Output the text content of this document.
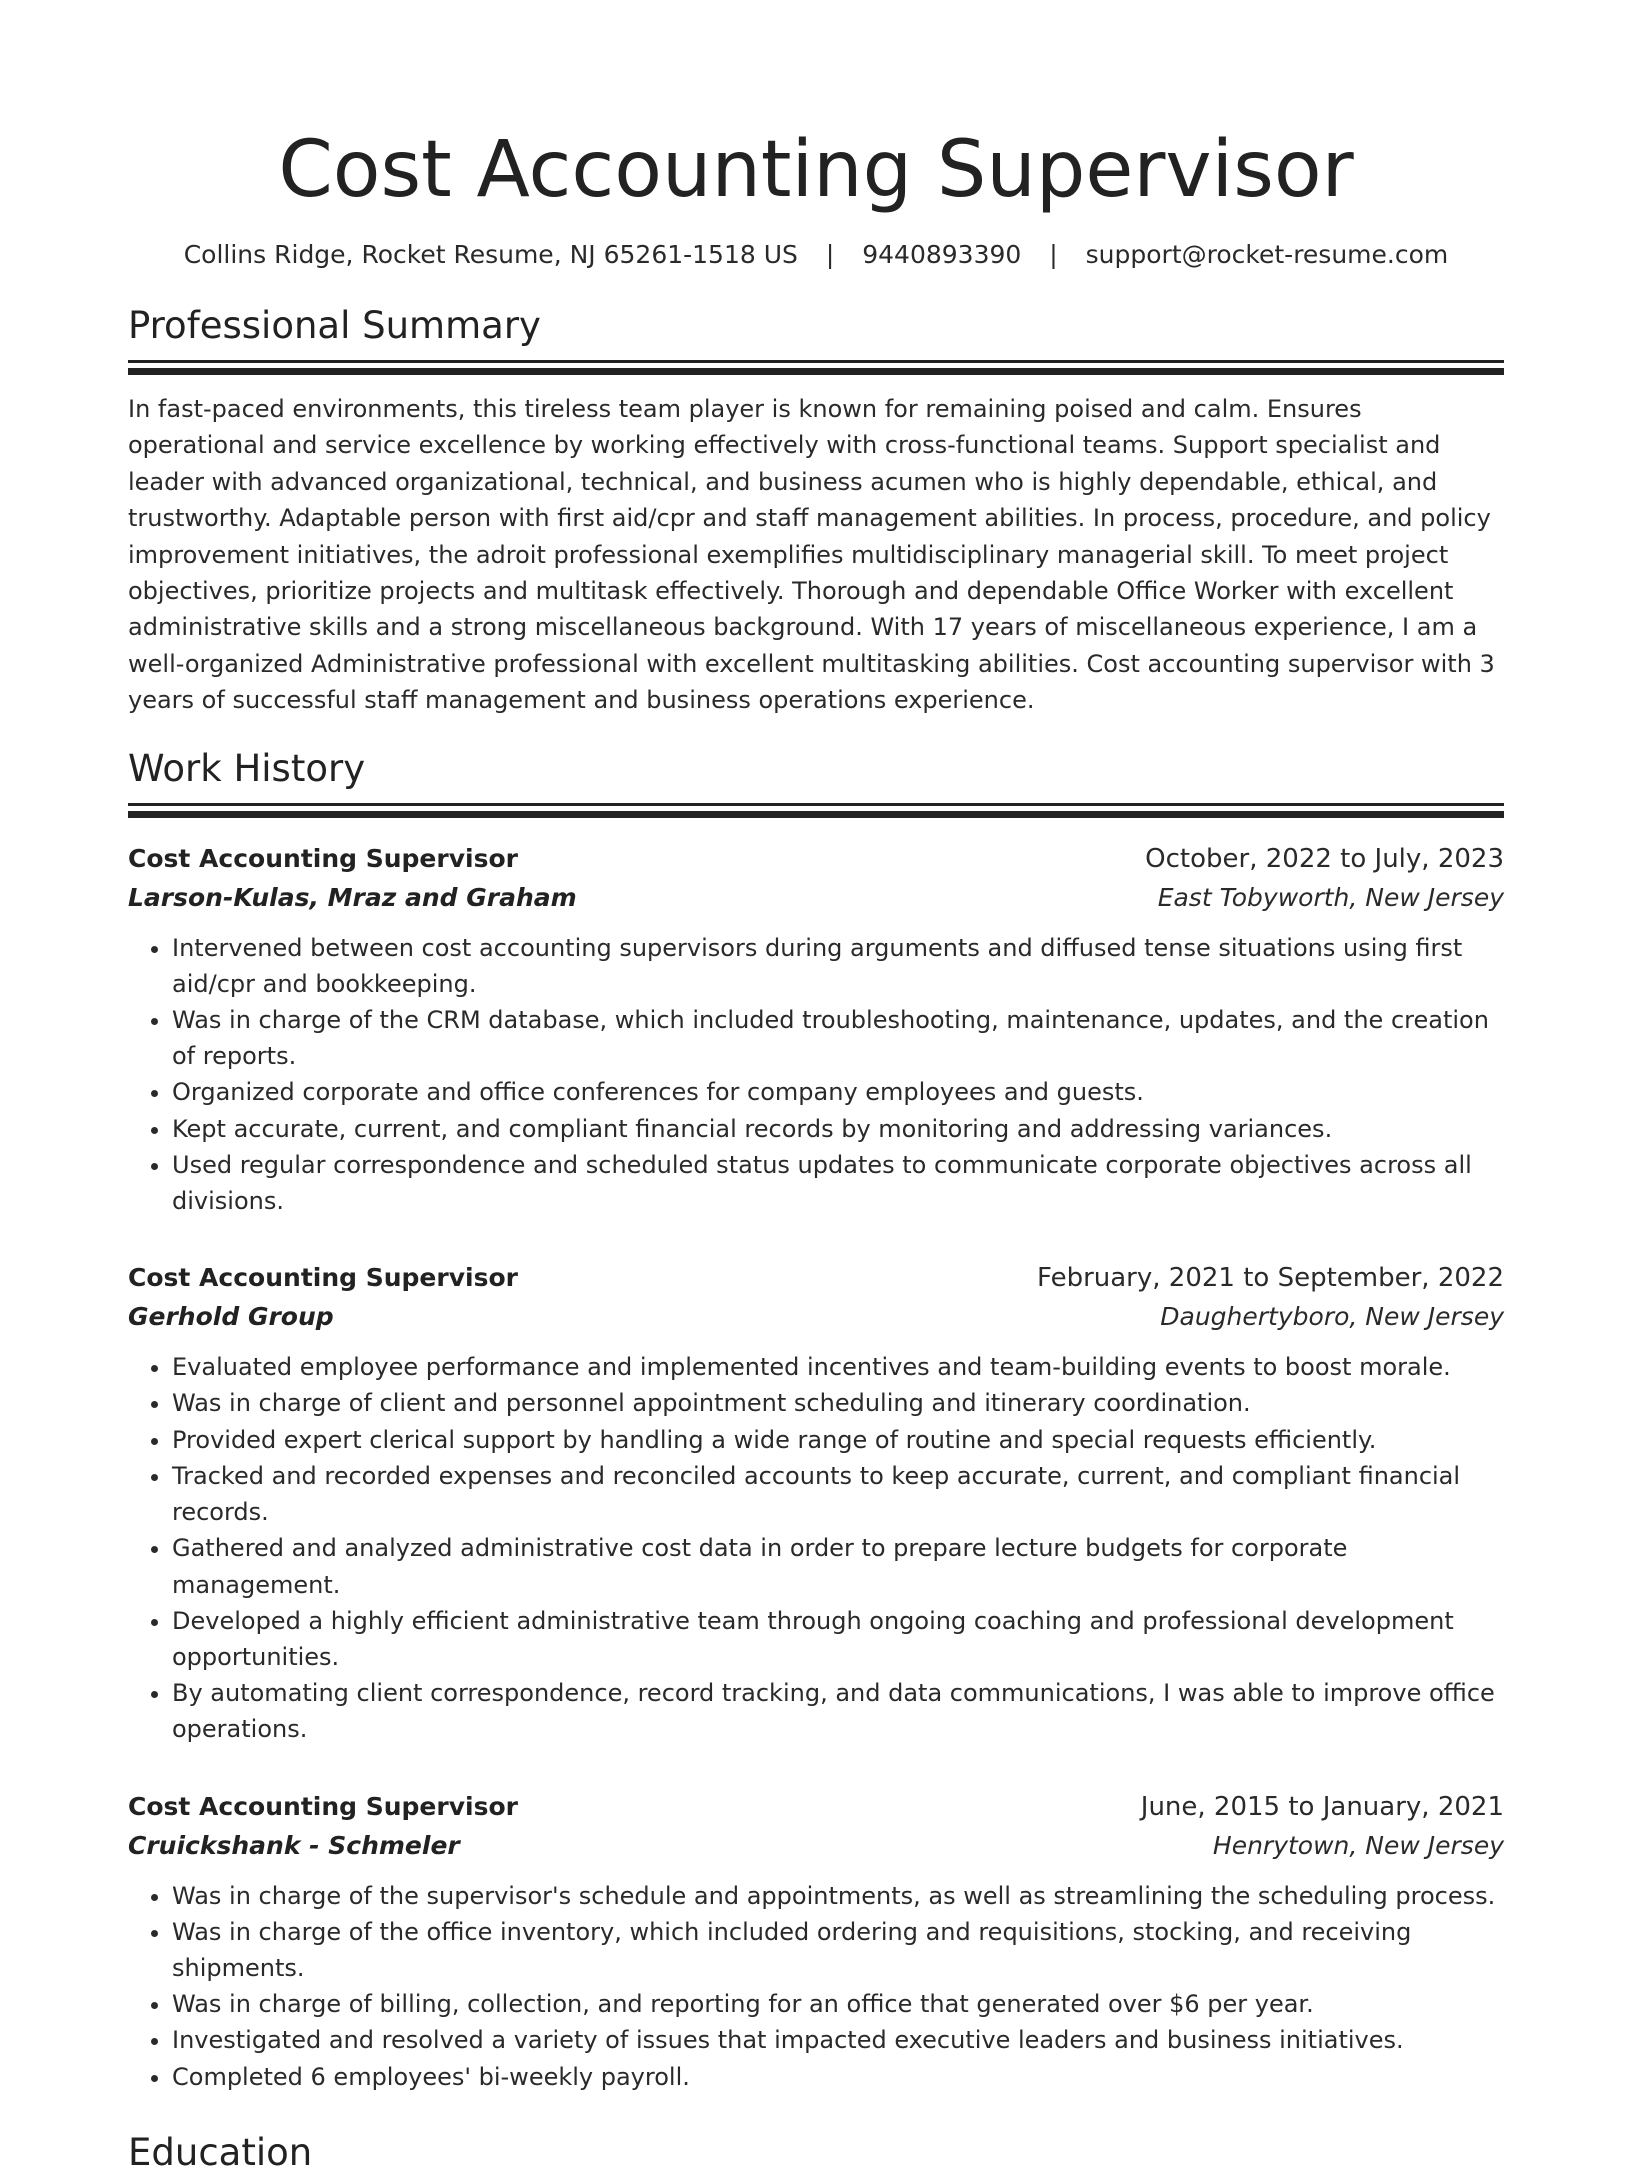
Cost Accounting Supervisor
Collins Ridge, Rocket Resume, NJ 65261-1518 US | 9440893390 | support@rocket-resume.com
Professional Summary

In fast-paced environments, this tireless team player is known for remaining poised and calm. Ensures operational and service excellence by working effectively with cross-functional teams. Support specialist and leader with advanced organizational, technical, and business acumen who is highly dependable, ethical, and trustworthy. Adaptable person with first aid/cpr and staff management abilities. In process, procedure, and policy improvement initiatives, the adroit professional exemplifies multidisciplinary managerial skill. To meet project objectives, prioritize projects and multitask effectively. Thorough and dependable Office Worker with excellent administrative skills and a strong miscellaneous background. With 17 years of miscellaneous experience, I am a well-organized Administrative professional with excellent multitasking abilities. Cost accounting supervisor with 3 years of successful staff management and business operations experience.

Work History
Cost Accounting Supervisor	October, 2022 to July, 2023
Larson-Kulas, Mraz and Graham	East Tobyworth, New Jersey
• Intervened between cost accounting supervisors during arguments and diffused tense situations using first aid/cpr and bookkeeping.
• Was in charge of the CRM database, which included troubleshooting, maintenance, updates, and the creation of reports.
• Organized corporate and office conferences for company employees and guests.
• Kept accurate, current, and compliant financial records by monitoring and addressing variances.
• Used regular correspondence and scheduled status updates to communicate corporate objectives across all divisions.
Cost Accounting Supervisor	February, 2021 to September, 2022
Gerhold Group	Daughertyboro, New Jersey
• Evaluated employee performance and implemented incentives and team-building events to boost morale.
• Was in charge of client and personnel appointment scheduling and itinerary coordination.
• Provided expert clerical support by handling a wide range of routine and special requests efficiently.
• Tracked and recorded expenses and reconciled accounts to keep accurate, current, and compliant financial records.
• Gathered and analyzed administrative cost data in order to prepare lecture budgets for corporate management.
• Developed a highly efficient administrative team through ongoing coaching and professional development opportunities.
• By automating client correspondence, record tracking, and data communications, I was able to improve office operations.
Cost Accounting Supervisor	June, 2015 to January, 2021
Cruickshank - Schmeler	Henrytown, New Jersey
• Was in charge of the supervisor's schedule and appointments, as well as streamlining the scheduling process.
• Was in charge of the office inventory, which included ordering and requisitions, stocking, and receiving shipments.
• Was in charge of billing, collection, and reporting for an office that generated over $6 per year.
• Investigated and resolved a variety of issues that impacted executive leaders and business initiatives.
• Completed 6 employees' bi-weekly payroll.
Education
